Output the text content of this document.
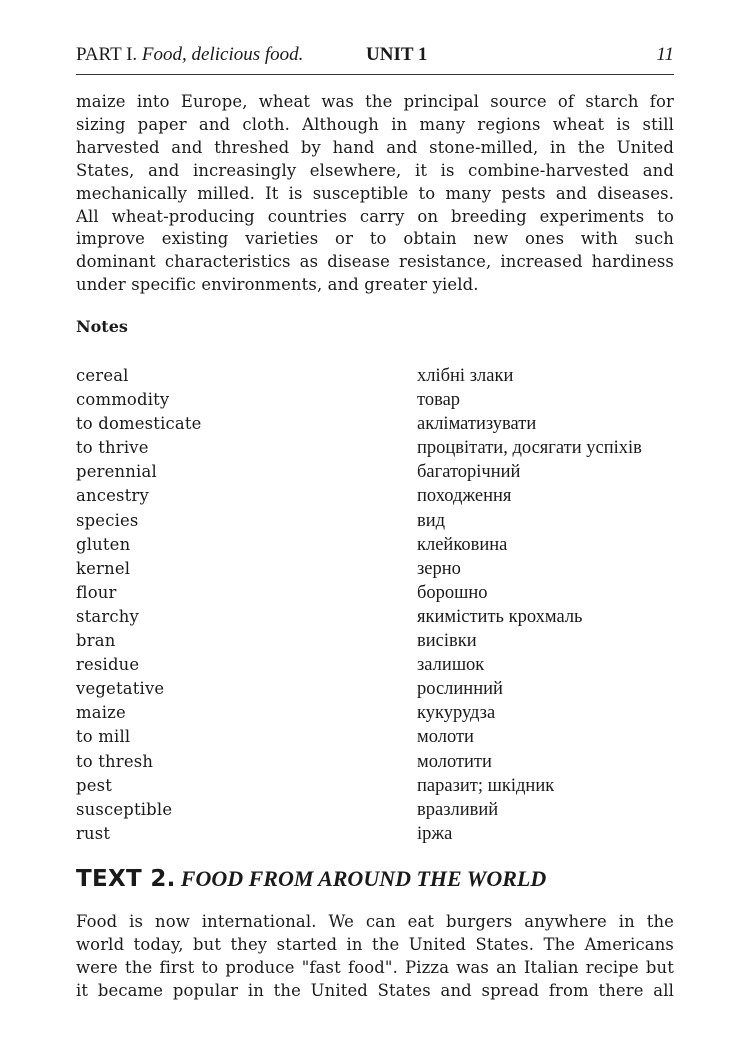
PART I. Food, delicious food.	UNIT 1	11
maize into Europe, wheat was the principal source of starch for
sizing paper and cloth. Although in many regions wheat is still
harvested and threshed by hand and stone-milled, in the United
States, and increasingly elsewhere, it is combine-harvested and
mechanically milled. It is susceptible to many pests and diseases.
All wheat-producing countries carry on breeding experiments to
improve existing varieties or to obtain new ones with such
dominant characteristics as disease resistance, increased hardiness
under specific environments, and greater yield.
Notes
cereal	хлібні злаки
commodity	товар
to domesticate	акліматизувати
to thrive	процвітати, досягати успіхів
perennial	багаторічний
ancestry	походження
species	вид
gluten	клейковина
kernel	зерно
flour	борошно
starchy	якимістить крохмаль
bran	висівки
residue	залишок
vegetative	рослинний
maize	кукурудза
to mill	молоти
to thresh	молотити
pest	паразит; шкідник
susceptible	вразливий
rust	іржа
TEXT 2. FOOD FROM AROUND THE WORLD
Food is now international. We can eat burgers anywhere in the
world today, but they started in the United States. The Americans
were the first to produce "fast food". Pizza was an Italian recipe but
it became popular in the United States and spread from there all
